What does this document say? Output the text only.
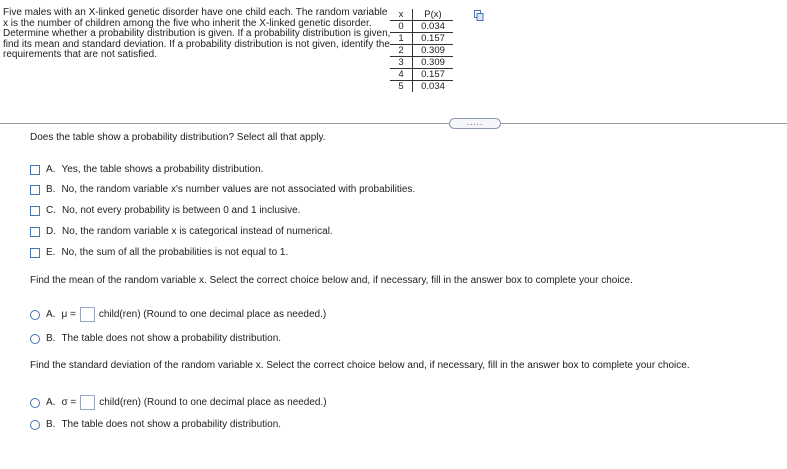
Five males with an X-linked genetic disorder have one child each. The random variable x is the number of children among the five who inherit the X-linked genetic disorder. Determine whether a probability distribution is given. If a probability distribution is given, find its mean and standard deviation. If a probability distribution is not given, identify the requirements that are not satisfied.
x	P(x)
0	0.034
1	0.157
2	0.309
3	0.309
4	0.157
5	0.034
.....
Does the table show a probability distribution? Select all that apply.
A. Yes, the table shows a probability distribution.
B. No, the random variable x's number values are not associated with probabilities.
C. No, not every probability is between 0 and 1 inclusive.
D. No, the random variable x is categorical instead of numerical.
E. No, the sum of all the probabilities is not equal to 1.
Find the mean of the random variable x. Select the correct choice below and, if necessary, fill in the answer box to complete your choice.
A. μ = child(ren) (Round to one decimal place as needed.)
B. The table does not show a probability distribution.
Find the standard deviation of the random variable x. Select the correct choice below and, if necessary, fill in the answer box to complete your choice.
A. σ = child(ren) (Round to one decimal place as needed.)
B. The table does not show a probability distribution.
